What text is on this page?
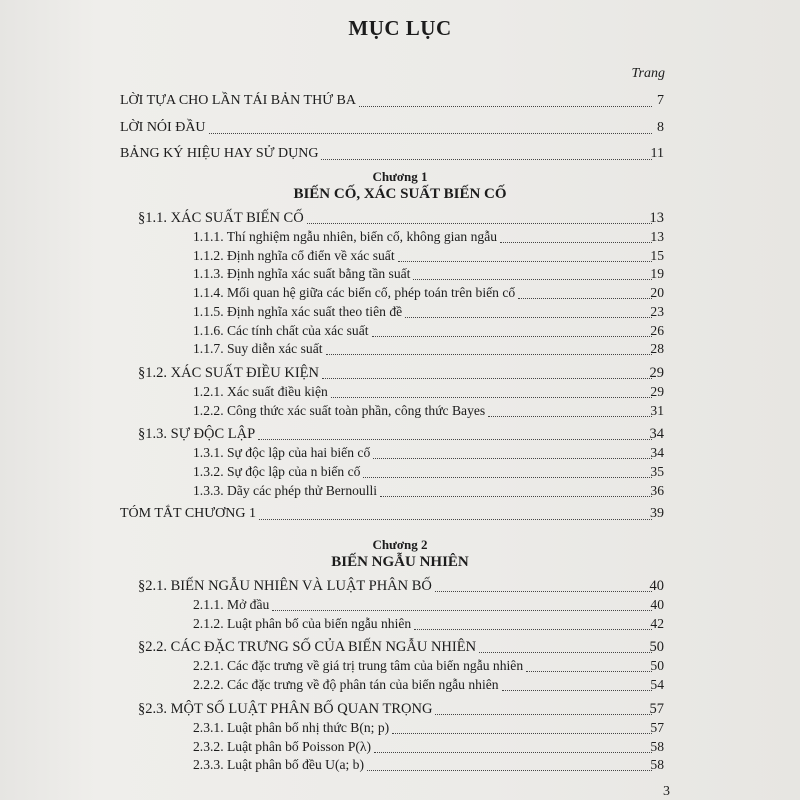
MỤC LỤC
Trang
LỜI TỰA CHO LẦN TÁI BẢN THỨ BA	7
LỜI NÓI ĐẦU	8
BẢNG KÝ HIỆU HAY SỬ DỤNG	11
Chương 1
BIẾN CỐ, XÁC SUẤT BIẾN CỐ
§1.1. XÁC SUẤT BIẾN CỐ	13
1.1.1. Thí nghiệm ngẫu nhiên, biến cố, không gian ngẫu	13
1.1.2. Định nghĩa cổ điển về xác suất	15
1.1.3. Định nghĩa xác suất bằng tần suất	19
1.1.4. Mối quan hệ giữa các biến cố, phép toán trên biến cố	20
1.1.5. Định nghĩa xác suất theo tiên đề	23
1.1.6. Các tính chất của xác suất	26
1.1.7. Suy diễn xác suất	28
§1.2. XÁC SUẤT ĐIỀU KIỆN	29
1.2.1. Xác suất điều kiện	29
1.2.2. Công thức xác suất toàn phần, công thức Bayes	31
§1.3. SỰ ĐỘC LẬP	34
1.3.1. Sự độc lập của hai biến cố	34
1.3.2. Sự độc lập của n biến cố	35
1.3.3. Dãy các phép thử Bernoulli	36
TÓM TẮT CHƯƠNG 1	39
Chương 2
BIẾN NGẪU NHIÊN
§2.1. BIẾN NGẪU NHIÊN VÀ LUẬT PHÂN BỐ	40
2.1.1. Mở đầu	40
2.1.2. Luật phân bố của biến ngẫu nhiên	42
§2.2. CÁC ĐẶC TRƯNG SỐ CỦA BIẾN NGẪU NHIÊN	50
2.2.1. Các đặc trưng về giá trị trung tâm của biến ngẫu nhiên	50
2.2.2. Các đặc trưng về độ phân tán của biến ngẫu nhiên	54
§2.3. MỘT SỐ LUẬT PHÂN BỐ QUAN TRỌNG	57
2.3.1. Luật phân bố nhị thức B(n; p)	57
2.3.2. Luật phân bố Poisson P(λ)	58
2.3.3. Luật phân bố đều U(a; b)	58
3
